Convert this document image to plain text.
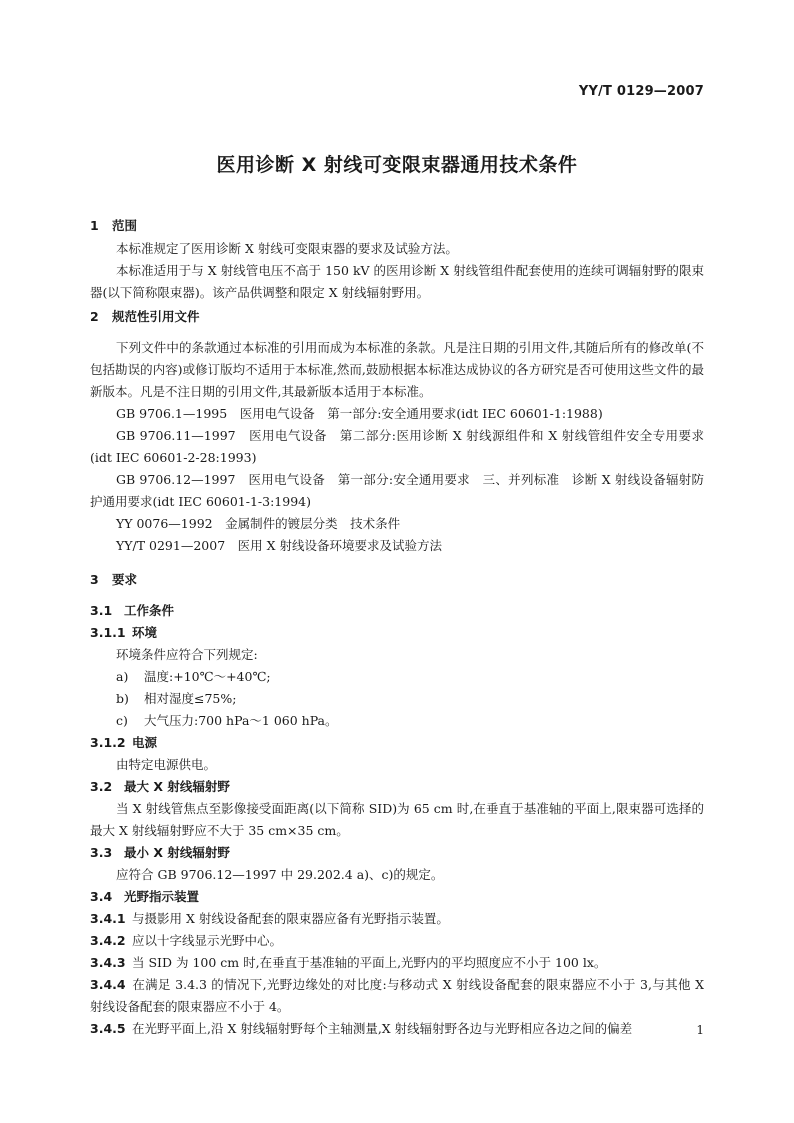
YY/T 0129—2007
医用诊断 X 射线可变限束器通用技术条件
1 范围

本标准规定了医用诊断 X 射线可变限束器的要求及试验方法。

本标准适用于与 X 射线管电压不高于 150 kV 的医用诊断 X 射线管组件配套使用的连续可调辐射野的限束器(以下简称限束器)。该产品供调整和限定 X 射线辐射野用。

2 规范性引用文件

下列文件中的条款通过本标准的引用而成为本标准的条款。凡是注日期的引用文件,其随后所有的修改单(不包括勘误的内容)或修订版均不适用于本标准,然而,鼓励根据本标准达成协议的各方研究是否可使用这些文件的最新版本。凡是不注日期的引用文件,其最新版本适用于本标准。

GB 9706.1—1995　医用电气设备　第一部分:安全通用要求(idt IEC 60601-1:1988)

GB 9706.11—1997　医用电气设备　第二部分:医用诊断 X 射线源组件和 X 射线管组件安全专用要求(idt IEC 60601-2-28:1993)

GB 9706.12—1997　医用电气设备　第一部分:安全通用要求　三、并列标准　诊断 X 射线设备辐射防护通用要求(idt IEC 60601-1-3:1994)

YY 0076—1992　金属制件的镀层分类　技术条件

YY/T 0291—2007　医用 X 射线设备环境要求及试验方法

3 要求
3.1 工作条件
3.1.1 环境

环境条件应符合下列规定:

a) 温度:+10℃～+40℃;

b) 相对湿度≤75%;

c) 大气压力:700 hPa～1 060 hPa。

3.1.2 电源

由特定电源供电。

3.2 最大 X 射线辐射野

当 X 射线管焦点至影像接受面距离(以下简称 SID)为 65 cm 时,在垂直于基准轴的平面上,限束器可选择的最大 X 射线辐射野应不大于 35 cm×35 cm。

3.3 最小 X 射线辐射野

应符合 GB 9706.12—1997 中 29.202.4 a)、c)的规定。

3.4 光野指示装置

3.4.1 与摄影用 X 射线设备配套的限束器应备有光野指示装置。

3.4.2 应以十字线显示光野中心。

3.4.3 当 SID 为 100 cm 时,在垂直于基准轴的平面上,光野内的平均照度应不小于 100 lx。

3.4.4 在满足 3.4.3 的情况下,光野边缘处的对比度:与移动式 X 射线设备配套的限束器应不小于 3,与其他 X 射线设备配套的限束器应不小于 4。

3.4.5 在光野平面上,沿 X 射线辐射野每个主轴测量,X 射线辐射野各边与光野相应各边之间的偏差	1
